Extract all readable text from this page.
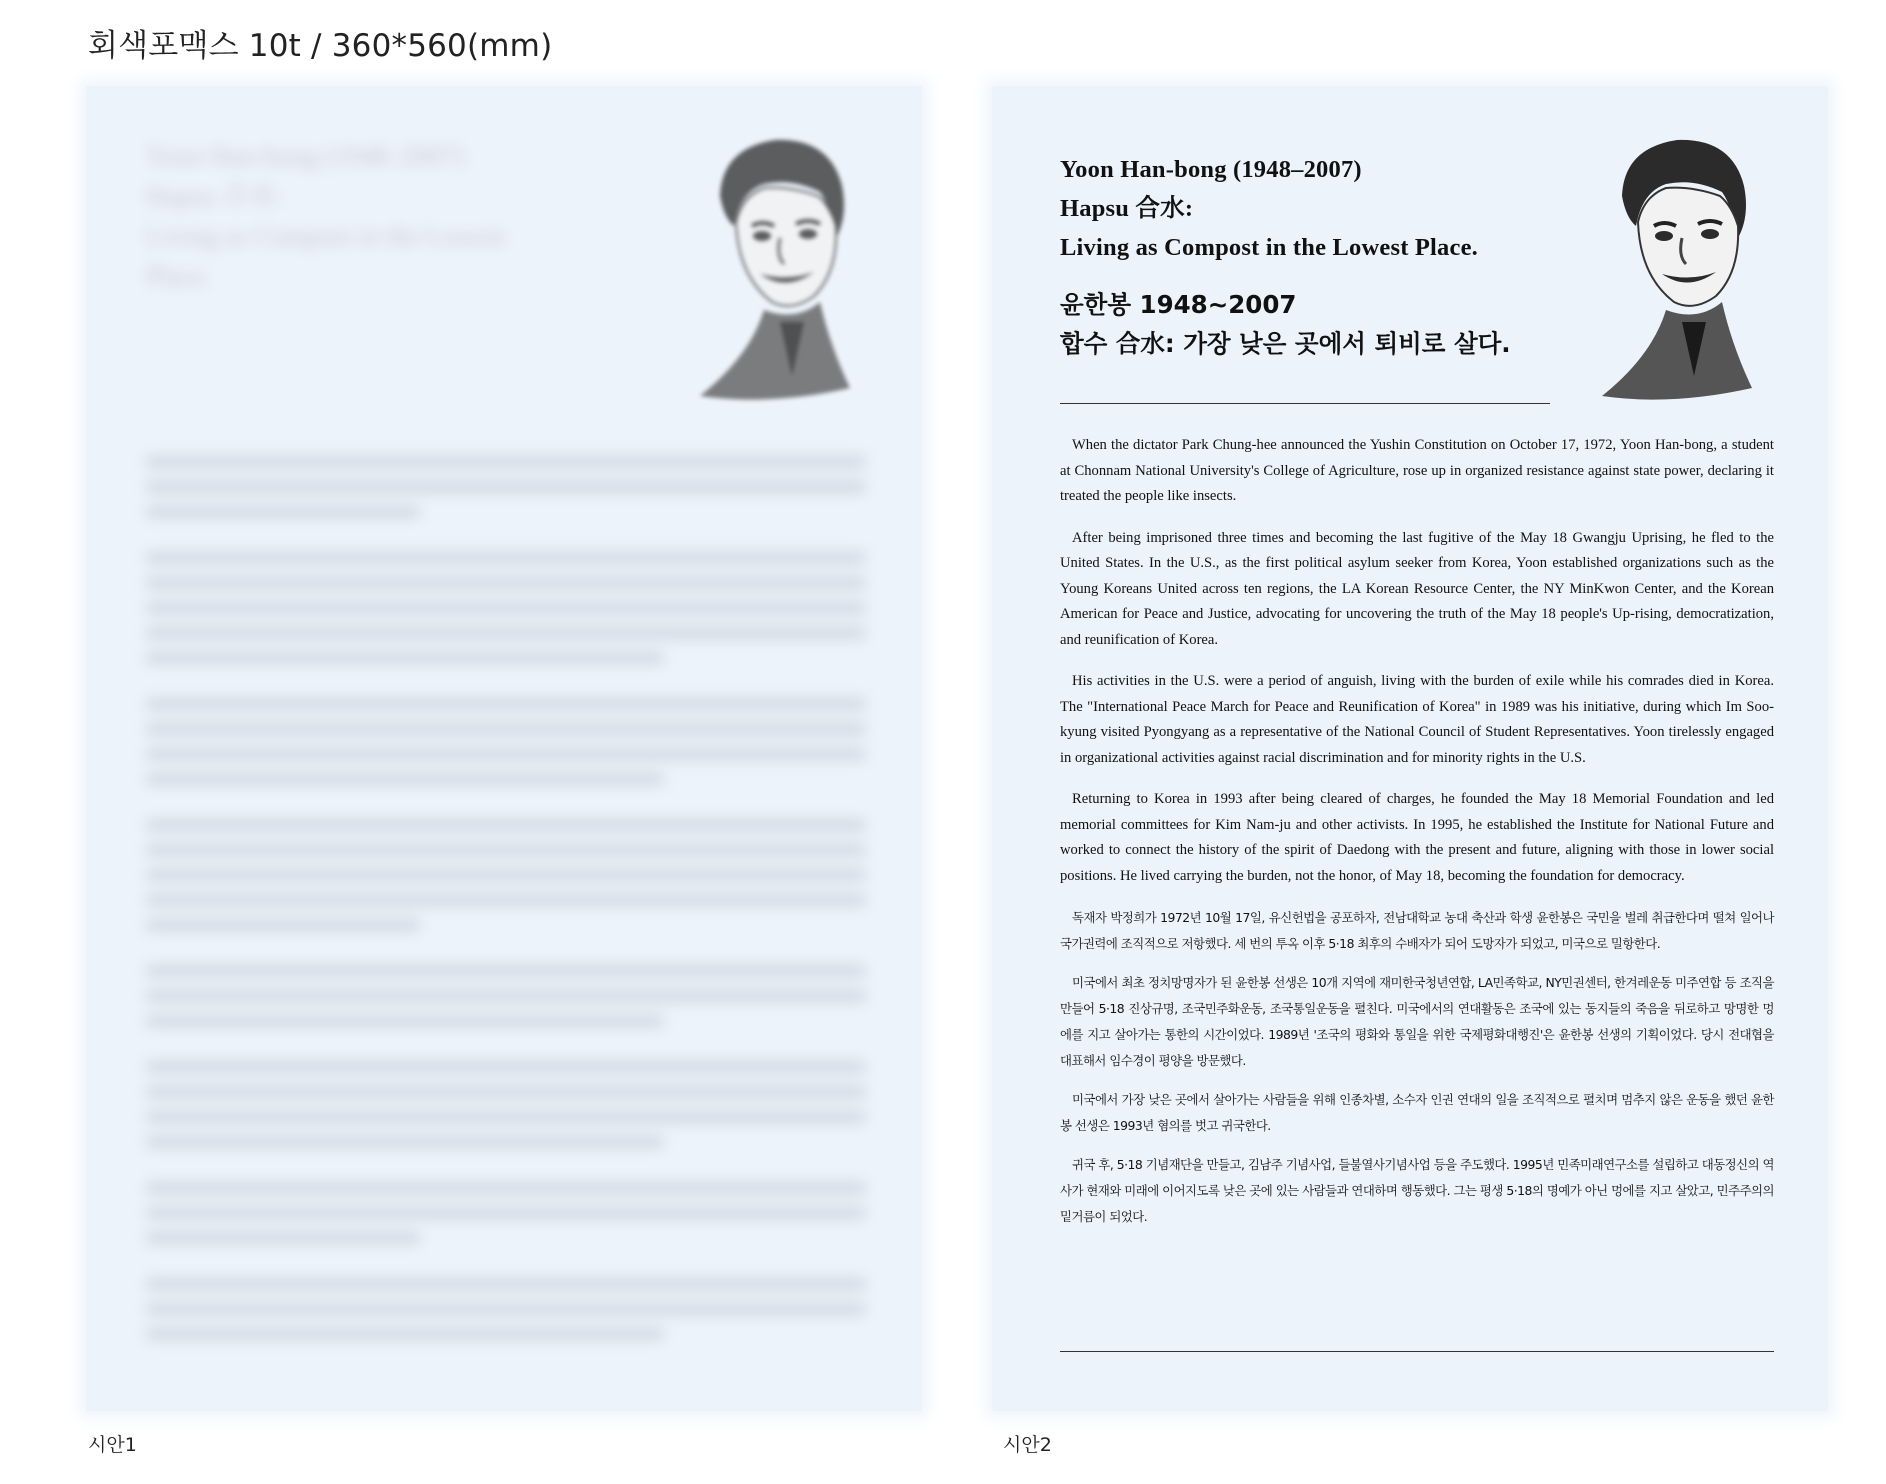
회색포맥스 10t / 360*560(mm)
Yoon Han-bong (1948–2007)
Hapsu 合水:
Living as Compost in the Lowest Place.
시안1
Yoon Han-bong (1948–2007)
Hapsu 合水:
Living as Compost in the Lowest Place.
윤한봉 1948~2007
합수 合水: 가장 낮은 곳에서 퇴비로 살다.

When the dictator Park Chung-hee announced the Yushin Constitution on October 17, 1972, Yoon Han-bong, a student at Chonnam National University's College of Agriculture, rose up in organized resistance against state power, declaring it treated the people like insects.

After being imprisoned three times and becoming the last fugitive of the May 18 Gwangju Uprising, he fled to the United States. In the U.S., as the first political asylum seeker from Korea, Yoon established organizations such as the Young Koreans United across ten regions, the LA Korean Resource Center, the NY MinKwon Center, and the Korean American for Peace and Justice, advocating for uncovering the truth of the May 18 people's Up-rising, democratization, and reunification of Korea.

His activities in the U.S. were a period of anguish, living with the burden of exile while his comrades died in Korea. The "International Peace March for Peace and Reunification of Korea" in 1989 was his initiative, during which Im Soo-kyung visited Pyongyang as a representative of the National Council of Student Representatives. Yoon tirelessly engaged in organizational activities against racial discrimination and for minority rights in the U.S.

Returning to Korea in 1993 after being cleared of charges, he founded the May 18 Memorial Foundation and led memorial committees for Kim Nam-ju and other activists. In 1995, he established the Institute for National Future and worked to connect the history of the spirit of Daedong with the present and future, aligning with those in lower social positions. He lived carrying the burden, not the honor, of May 18, becoming the foundation for democracy.

독재자 박정희가 1972년 10월 17일, 유신헌법을 공포하자, 전남대학교 농대 축산과 학생 윤한봉은 국민을 벌레 취급한다며 떨쳐 일어나 국가권력에 조직적으로 저항했다. 세 번의 투옥 이후 5·18 최후의 수배자가 되어 도망자가 되었고, 미국으로 밀항한다.

미국에서 최초 정치망명자가 된 윤한봉 선생은 10개 지역에 재미한국청년연합, LA민족학교, NY민권센터, 한겨레운동 미주연합 등 조직을 만들어 5·18 진상규명, 조국민주화운동, 조국통일운동을 펼친다. 미국에서의 연대활동은 조국에 있는 동지들의 죽음을 뒤로하고 망명한 멍에를 지고 살아가는 통한의 시간이었다. 1989년 '조국의 평화와 통일을 위한 국제평화대행진'은 윤한봉 선생의 기획이었다. 당시 전대협을 대표해서 임수경이 평양을 방문했다.

미국에서 가장 낮은 곳에서 살아가는 사람들을 위해 인종차별, 소수자 인권 연대의 일을 조직적으로 펼치며 멈추지 않은 운동을 했던 윤한봉 선생은 1993년 혐의를 벗고 귀국한다.

귀국 후, 5·18 기념재단을 만들고, 김남주 기념사업, 들불열사기념사업 등을 주도했다. 1995년 민족미래연구소를 설립하고 대동정신의 역사가 현재와 미래에 이어지도록 낮은 곳에 있는 사람들과 연대하며 행동했다. 그는 평생 5·18의 명예가 아닌 멍에를 지고 살았고, 민주주의의 밑거름이 되었다.

시안2
